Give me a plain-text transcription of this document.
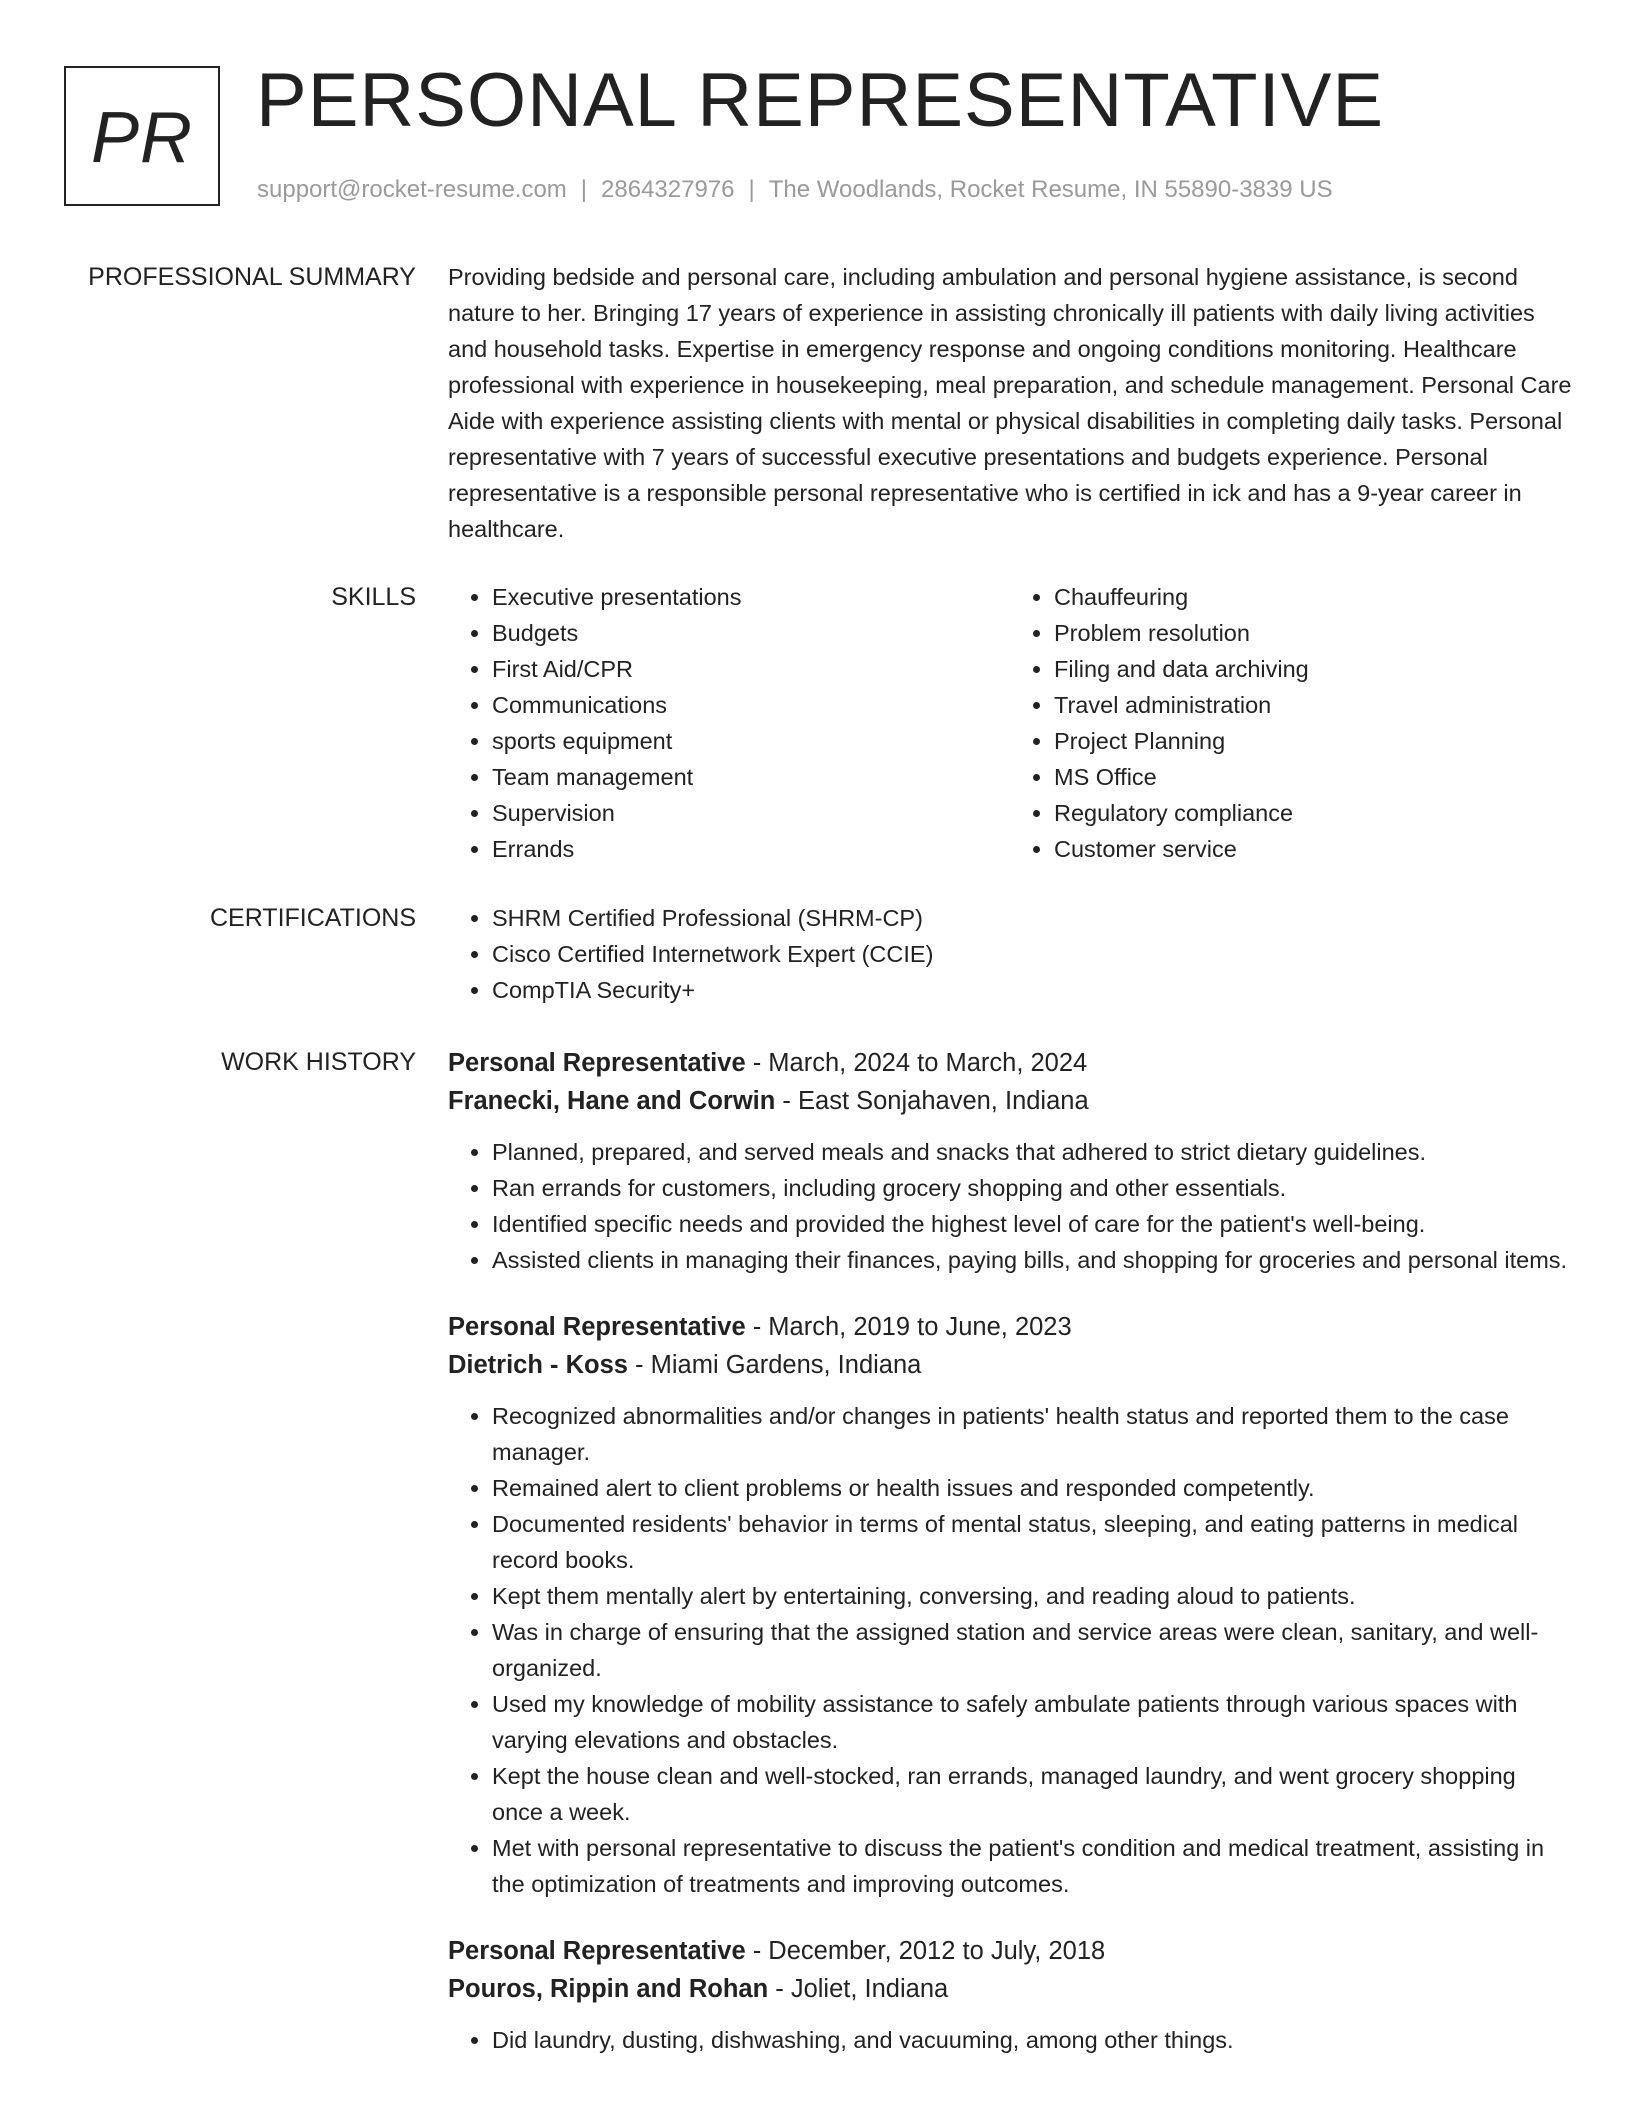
PR PERSONAL REPRESENTATIVE
support@rocket-resume.com | 2864327976 | The Woodlands, Rocket Resume, IN 55890-3839 US
PROFESSIONAL SUMMARY Providing bedside and personal care, including ambulation and personal hygiene assistance, is second nature to her. Bringing 17 years of experience in assisting chronically ill patients with daily living activities and household tasks. Expertise in emergency response and ongoing conditions monitoring. Healthcare professional with experience in housekeeping, meal preparation, and schedule management. Personal Care Aide with experience assisting clients with mental or physical disabilities in completing daily tasks. Personal representative with 7 years of successful executive presentations and budgets experience. Personal representative is a responsible personal representative who is certified in ick and has a 9-year career in healthcare.

SKILLS	• Executive presentations
• Budgets
• First Aid/CPR
• Communications
• sports equipment
• Team management
• Supervision
• Errands
• Chauffeuring
• Problem resolution
• Filing and data archiving
• Travel administration
• Project Planning
• MS Office
• Regulatory compliance
• Customer service
CERTIFICATIONS	• SHRM Certified Professional (SHRM-CP)
• Cisco Certified Internetwork Expert (CCIE)
• CompTIA Security+
WORK HISTORY Personal Representative - March, 2024 to March, 2024
Franecki, Hane and Corwin - East Sonjahaven, Indiana
• Planned, prepared, and served meals and snacks that adhered to strict dietary guidelines.
• Ran errands for customers, including grocery shopping and other essentials.
• Identified specific needs and provided the highest level of care for the patient's well-being.
• Assisted clients in managing their finances, paying bills, and shopping for groceries and personal items.
Personal Representative - March, 2019 to June, 2023
Dietrich - Koss - Miami Gardens, Indiana
• Recognized abnormalities and/or changes in patients' health status and reported them to the case manager.
• Remained alert to client problems or health issues and responded competently.
• Documented residents' behavior in terms of mental status, sleeping, and eating patterns in medical record books.
• Kept them mentally alert by entertaining, conversing, and reading aloud to patients.
• Was in charge of ensuring that the assigned station and service areas were clean, sanitary, and well-organized.
• Used my knowledge of mobility assistance to safely ambulate patients through various spaces with varying elevations and obstacles.
• Kept the house clean and well-stocked, ran errands, managed laundry, and went grocery shopping once a week.
• Met with personal representative to discuss the patient's condition and medical treatment, assisting in the optimization of treatments and improving outcomes.
Personal Representative - December, 2012 to July, 2018
Pouros, Rippin and Rohan - Joliet, Indiana
• Did laundry, dusting, dishwashing, and vacuuming, among other things.
